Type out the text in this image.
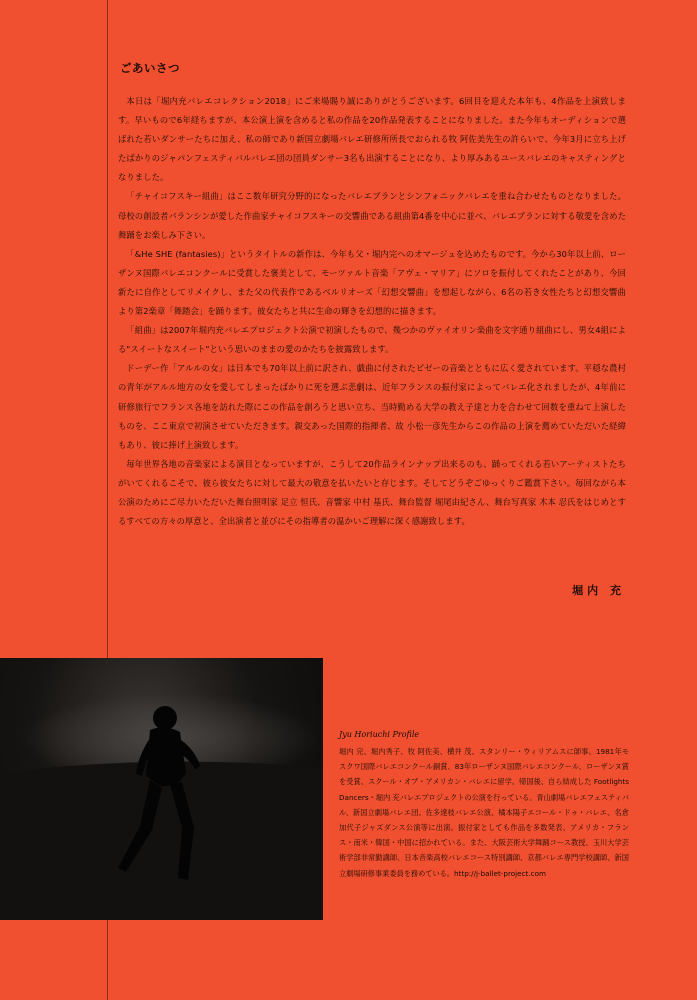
ごあいさつ

本日は「堀内充バレエコレクション2018」にご来場賜り誠にありがとうございます。6回目を迎えた本年も、4作品を上演致します。早いもので6年経ちますが、本公演上演を含めると私の作品を20作品発表することになりました。また今年もオーディションで選ばれた若いダンサーたちに加え、私の師であり新国立劇場バレエ研修所所長でおられる牧 阿佐美先生の許らいで、今年3月に立ち上げたばかりのジャパンフェスティバルバレエ団の団員ダンサー3名も出演することになり、より厚みあるユースバレエのキャスティングとなりました。

「チャイコフスキー組曲」はここ数年研究分野的になったバレエブランとシンフォニックバレエを重ね合わせたものとなりました。母校の創設者バランシンが愛した作曲家チャイコフスキーの交響曲である組曲第4番を中心に並べ、バレエブランに対する敬愛を含めた舞踊をお楽しみ下さい。

「&He SHE (fantasies)」というタイトルの新作は、今年も父・堀内完へのオマージュを込めたものです。今から30年以上前、ローザンヌ国際バレエコンクールに受賞した褒美として、モーツァルト音楽「アヴェ・マリア」にソロを振付してくれたことがあり、今回新たに自作としてリメイクし、また父の代表作であるベルリオーズ「幻想交響曲」を想起しながら、6名の若き女性たちと幻想交響曲より第2楽章「舞踏会」を踊ります。彼女たちと共に生命の輝きを幻想的に描きます。

「組曲」は2007年堀内充バレエプロジェクト公演で初演したもので、幾つかのヴァイオリン楽曲を文字通り組曲にし、男女4組による"スイートなスイート"という思いのままの愛のかたちを披露致します。

ドーデー作「アルルの女」は日本でも70年以上前に訳され、戯曲に付されたビゼーの音楽とともに広く愛されています。平穏な農村の青年がアルル地方の女を愛してしまったばかりに死を選ぶ悲劇は、近年フランスの振付家によってバレエ化されましたが、4年前に研修旅行でフランス各地を訪れた際にこの作品を創ろうと思い立ち、当時勤める大学の教え子達と力を合わせて回数を重ねて上演したものを、ここ東京で初演させていただきます。親交あった国際的指揮者、故 小松一彦先生からこの作品の上演を薦めていただいた経緯もあり、彼に捧げ上演致します。

毎年世界各地の音楽家による演目となっていますが、こうして20作品ラインナップ出来るのも、踊ってくれる若いアーティストたちがいてくれるこそで、彼ら彼女たちに対して最大の敬意を払いたいと存じます。そしてどうぞごゆっくりご鑑賞下さい。毎回ながら本公演のためにご尽力いただいた舞台照明家 足立 恒氏、音響家 中村 基氏、舞台監督 堀尾由紀さん、舞台写真家 木本 忍氏をはじめとするすべての方々の厚意と、全出演者と並びにその指導者の温かいご理解に深く感謝致します。

堀内 充
Jyu Horiuchi Profile

堀内 完、堀内秀子、牧 阿佐美、横井 茂、スタンリー・ウィリアムスに師事。1981年モスクワ国際バレエコンクール銅賞、83年ローザンヌ国際バレエコンクール、ローザンヌ賞を受賞、スクール・オブ・アメリカン・バレエに留学。帰国後、自ら結成した Footlights Dancers・堀内 充バレエプロジェクトの公演を行っている。青山劇場バレエフェスティバル、新国立劇場バレエ団、佐多達枝バレエ公演、橘本陽子エコール・ドゥ・バレエ、名倉加代子ジャズダンス公演等に出演。振付家としても作品を多数発表、アメリカ・フランス・南米・韓国・中国に招かれている。また、大阪芸術大学舞踊コース教授、玉川大学芸術学部非常勤講師、日本音楽高校バレエコース特別講師、京都バレエ専門学校講師、新国立劇場研修事業委員を務めている。http://j-ballet-project.com
